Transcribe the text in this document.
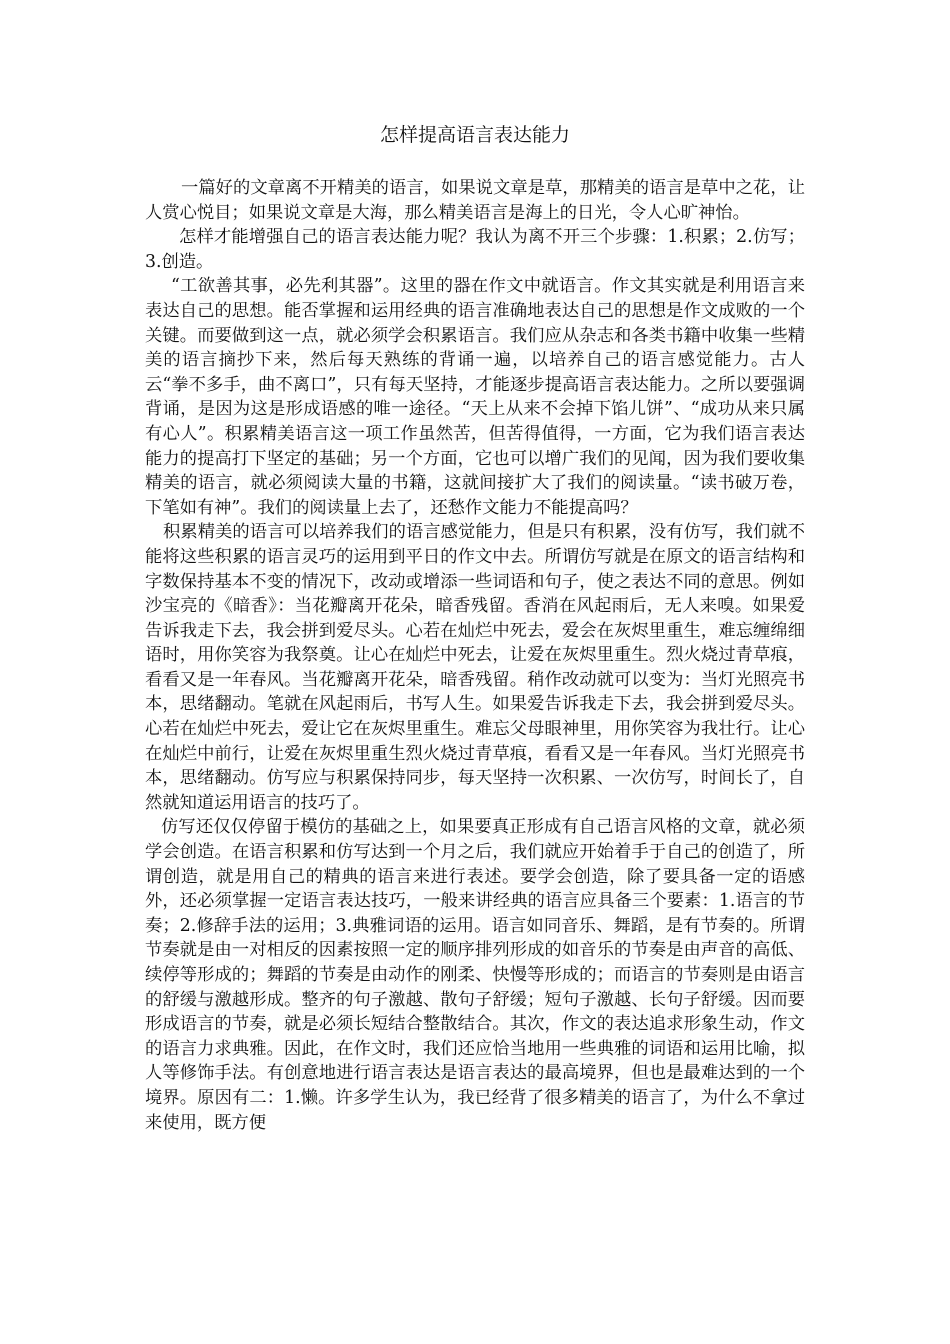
怎样提高语言表达能力

一篇好的文章离不开精美的语言，如果说文章是草，那精美的语言是草中之花，让人赏心悦目；如果说文章是大海，那么精美语言是海上的日光，令人心旷神怡。

怎样才能增强自己的语言表达能力呢？我认为离不开三个步骤：1.积累；2.仿写；3.创造。

“工欲善其事，必先利其器”。这里的器在作文中就语言。作文其实就是利用语言来表达自己的思想。能否掌握和运用经典的语言准确地表达自己的思想是作文成败的一个关键。而要做到这一点，就必须学会积累语言。我们应从杂志和各类书籍中收集一些精美的语言摘抄下来，然后每天熟练的背诵一遍，以培养自己的语言感觉能力。古人云“拳不多手，曲不离口”，只有每天坚持，才能逐步提高语言表达能力。之所以要强调背诵，是因为这是形成语感的唯一途径。“天上从来不会掉下馅儿饼”、“成功从来只属有心人”。积累精美语言这一项工作虽然苦，但苦得值得，一方面，它为我们语言表达能力的提高打下坚定的基础；另一个方面，它也可以增广我们的见闻，因为我们要收集精美的语言，就必须阅读大量的书籍，这就间接扩大了我们的阅读量。“读书破万卷，下笔如有神”。我们的阅读量上去了，还愁作文能力不能提高吗？

积累精美的语言可以培养我们的语言感觉能力，但是只有积累，没有仿写，我们就不能将这些积累的语言灵巧的运用到平日的作文中去。所谓仿写就是在原文的语言结构和字数保持基本不变的情况下，改动或增添一些词语和句子，使之表达不同的意思。例如沙宝亮的《暗香》：当花瓣离开花朵，暗香残留。香消在风起雨后，无人来嗅。如果爱告诉我走下去，我会拼到爱尽头。心若在灿烂中死去，爱会在灰烬里重生，难忘缠绵细语时，用你笑容为我祭奠。让心在灿烂中死去，让爱在灰烬里重生。烈火烧过青草痕，看看又是一年春风。当花瓣离开花朵，暗香残留。稍作改动就可以变为：当灯光照亮书本，思绪翻动。笔就在风起雨后，书写人生。如果爱告诉我走下去，我会拼到爱尽头。心若在灿烂中死去，爱让它在灰烬里重生。难忘父母眼神里，用你笑容为我壮行。让心在灿烂中前行，让爱在灰烬里重生烈火烧过青草痕，看看又是一年春风。当灯光照亮书本，思绪翻动。仿写应与积累保持同步，每天坚持一次积累、一次仿写，时间长了，自然就知道运用语言的技巧了。

仿写还仅仅停留于模仿的基础之上，如果要真正形成有自己语言风格的文章，就必须学会创造。在语言积累和仿写达到一个月之后，我们就应开始着手于自己的创造了，所谓创造，就是用自己的精典的语言来进行表述。要学会创造，除了要具备一定的语感外，还必须掌握一定语言表达技巧，一般来讲经典的语言应具备三个要素：1.语言的节奏；2.修辞手法的运用；3.典雅词语的运用。语言如同音乐、舞蹈，是有节奏的。所谓节奏就是由一对相反的因素按照一定的顺序排列形成的如音乐的节奏是由声音的高低、续停等形成的；舞蹈的节奏是由动作的刚柔、快慢等形成的；而语言的节奏则是由语言的舒缓与激越形成。整齐的句子激越、散句子舒缓；短句子激越、长句子舒缓。因而要形成语言的节奏，就是必须长短结合整散结合。其次，作文的表达追求形象生动，作文的语言力求典雅。因此，在作文时，我们还应恰当地用一些典雅的词语和运用比喻，拟人等修饰手法。有创意地进行语言表达是语言表达的最高境界，但也是最难达到的一个境界。原因有二：1.懒。许多学生认为，我已经背了很多精美的语言了，为什么不拿过来使用，既方便
